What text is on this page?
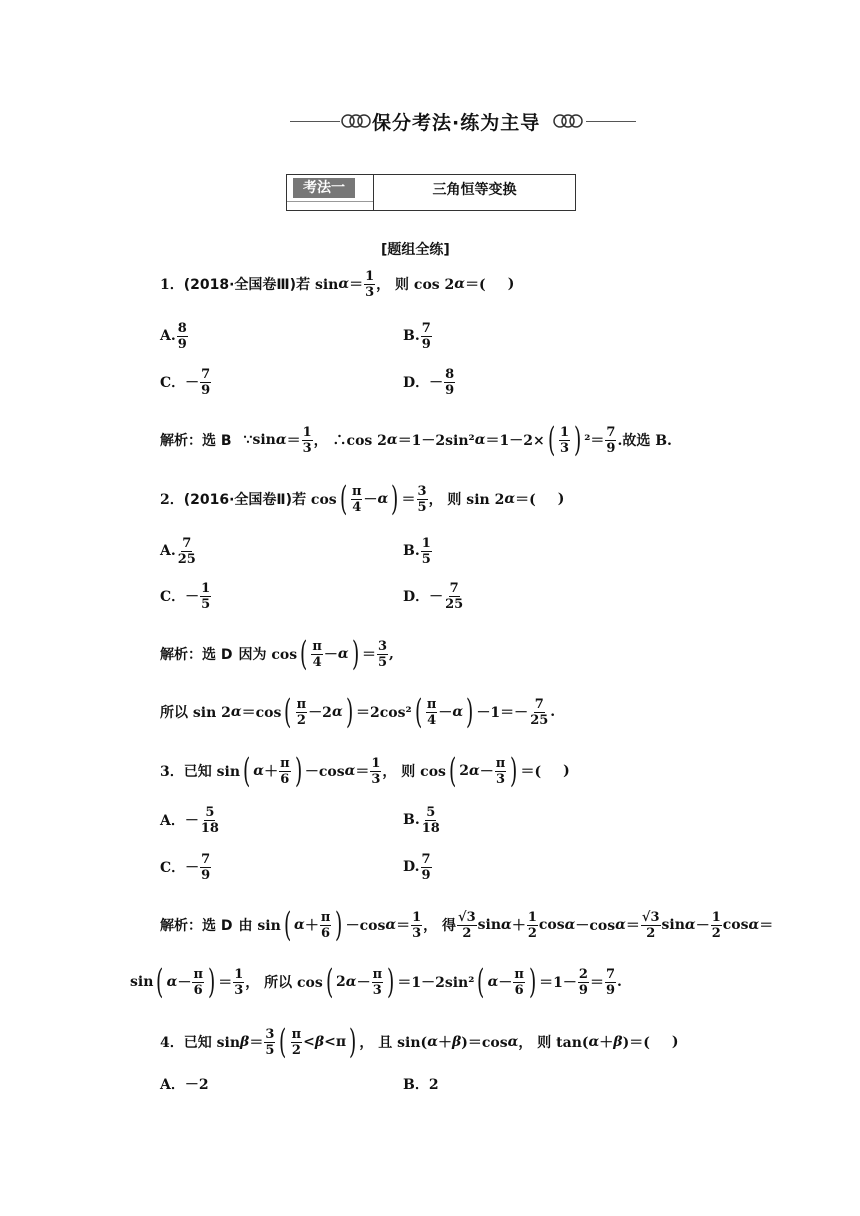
保分考法·练为主导
考法一	三角恒等变换
[题组全练]
1． (2018·全国卷Ⅲ) 若 $\sin \alpha = \frac{1}{3}$ ， 则 cos 2 α ＝( )
A. $\frac{8}{9}$	B. $\frac{7}{9}$
C．－ $\frac{7}{9}$	D．－ $\frac{8}{9}$
解析： 选 B ∵sin $\alpha = \frac{1}{3}$ ， ∴cos 2 α ＝1－2sin² α ＝1－2× ( $\frac{1}{3}$ ) $^2= \frac{7}{9}$ .故选 B.
2． (2016·全国卷Ⅱ) 若 cos ( $\frac{\pi}{4} - \alpha$ ) ＝ $\frac{3}{5}$ ， 则 sin 2 α ＝( )
A. $\frac{7}{25}$	B. $\frac{1}{5}$
C．－ $\frac{1}{5}$	D．－ $\frac{7}{25}$
解析： 选 D 因为 cos ( $\frac{\pi}{4} - \alpha$ ) ＝ $\frac{3}{5}$ ,
所以 sin 2 α ＝cos ( $\frac{\pi}{2} -2$ α ) ＝2cos² ( $\frac{\pi}{4} - \alpha$ ) $-1=- \frac{7}{25}$ .
3． 已知 sin ( $\alpha + \frac{\pi}{6}$ ) －cos $\alpha = \frac{1}{3}$ ， 则 cos ( 2 $\alpha - \frac{\pi}{3}$ ) ＝( )
A．－ $\frac{5}{18}$	B. $\frac{5}{18}$
C．－ $\frac{7}{9}$	D. $\frac{7}{9}$
解析： 选 D 由 sin ( $\alpha + \frac{\pi}{6}$ ) －cos $\alpha = \frac{1}{3}$ ， 得 $\frac{√3}{2}$ $\sin \alpha + \frac{1}{2}$ cos α －cos $\alpha = \frac{√3}{2}$ $\sin \alpha - \frac{1}{2}$ cos α ＝
sin ( $\alpha - \frac{\pi}{6}$ ) ＝ $\frac{1}{3}$ ， 所以 cos ( 2 $\alpha - \frac{\pi}{3}$ ) ＝1－2sin² ( $\alpha - \frac{\pi}{6}$ ) $=1- \frac{2}{9} = \frac{7}{9}$ .
4． 已知 $\sin \beta = \frac{3}{5}$ ( $\frac{\pi}{2} < \beta <\pi$ ) ， 且 sin( α ＋ β )＝cos α ， 则 tan( α ＋ β )＝( )
A．－2	B．2
